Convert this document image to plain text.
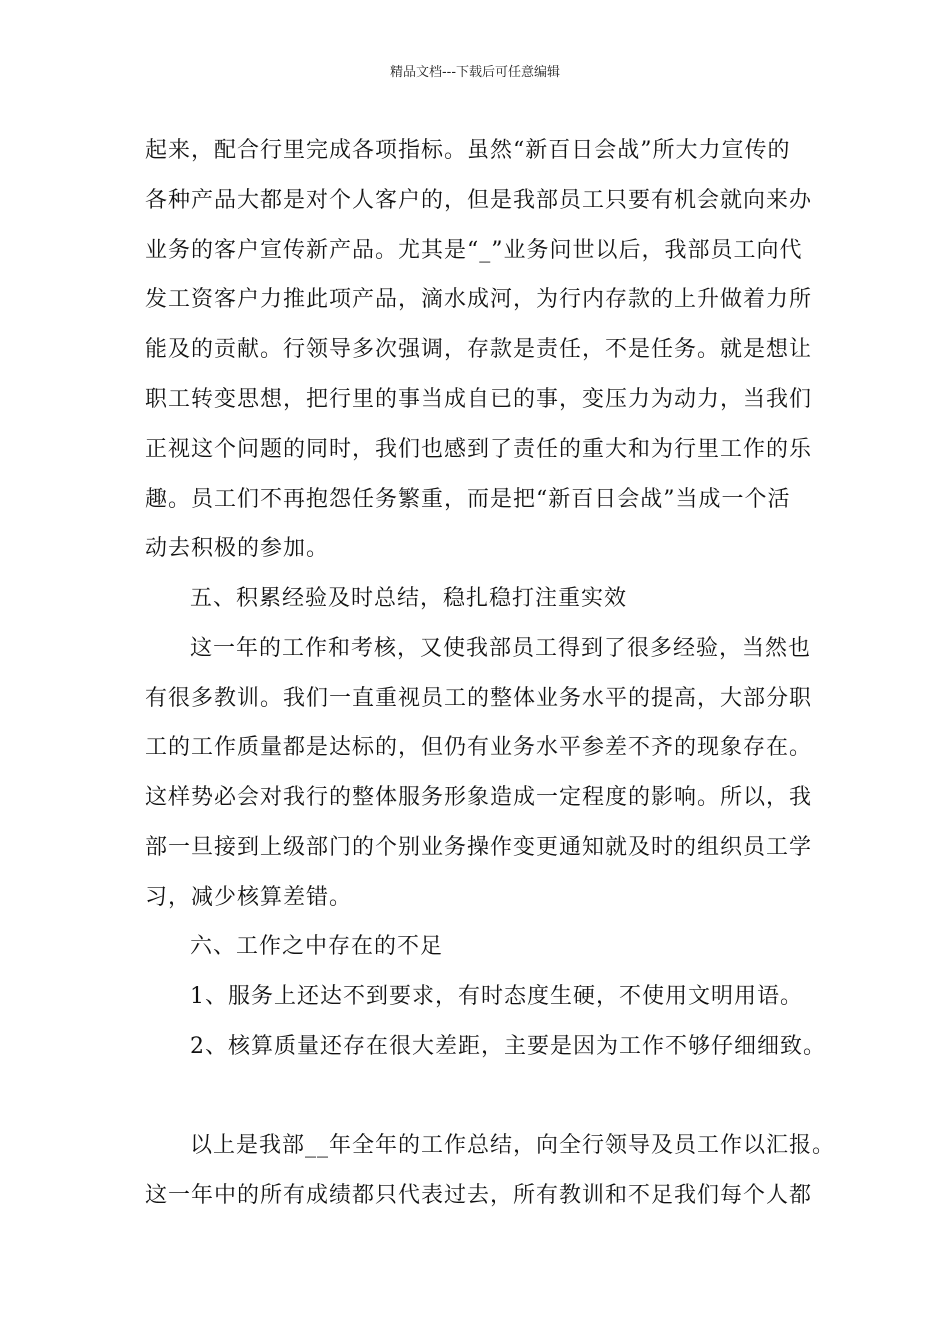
精品文档---下载后可任意编辑
起来，配合行里完成各项指标。虽然“新百日会战”所大力宣传的
各种产品大都是对个人客户的，但是我部员工只要有机会就向来办
业务的客户宣传新产品。尤其是“_”业务问世以后，我部员工向代
发工资客户力推此项产品，滴水成河，为行内存款的上升做着力所
能及的贡献。行领导多次强调，存款是责任，不是任务。就是想让
职工转变思想，把行里的事当成自已的事，变压力为动力，当我们
正视这个问题的同时，我们也感到了责任的重大和为行里工作的乐
趣。员工们不再抱怨任务繁重，而是把“新百日会战”当成一个活
动去积极的参加。
五、积累经验及时总结，稳扎稳打注重实效
这一年的工作和考核，又使我部员工得到了很多经验，当然也
有很多教训。我们一直重视员工的整体业务水平的提高，大部分职
工的工作质量都是达标的，但仍有业务水平参差不齐的现象存在。
这样势必会对我行的整体服务形象造成一定程度的影响。所以，我
部一旦接到上级部门的个别业务操作变更通知就及时的组织员工学
习，减少核算差错。
六、工作之中存在的不足
1、服务上还达不到要求，有时态度生硬，不使用文明用语。
2、核算质量还存在很大差距，主要是因为工作不够仔细细致。
以上是我部__年全年的工作总结，向全行领导及员工作以汇报。
这一年中的所有成绩都只代表过去，所有教训和不足我们每个人都
